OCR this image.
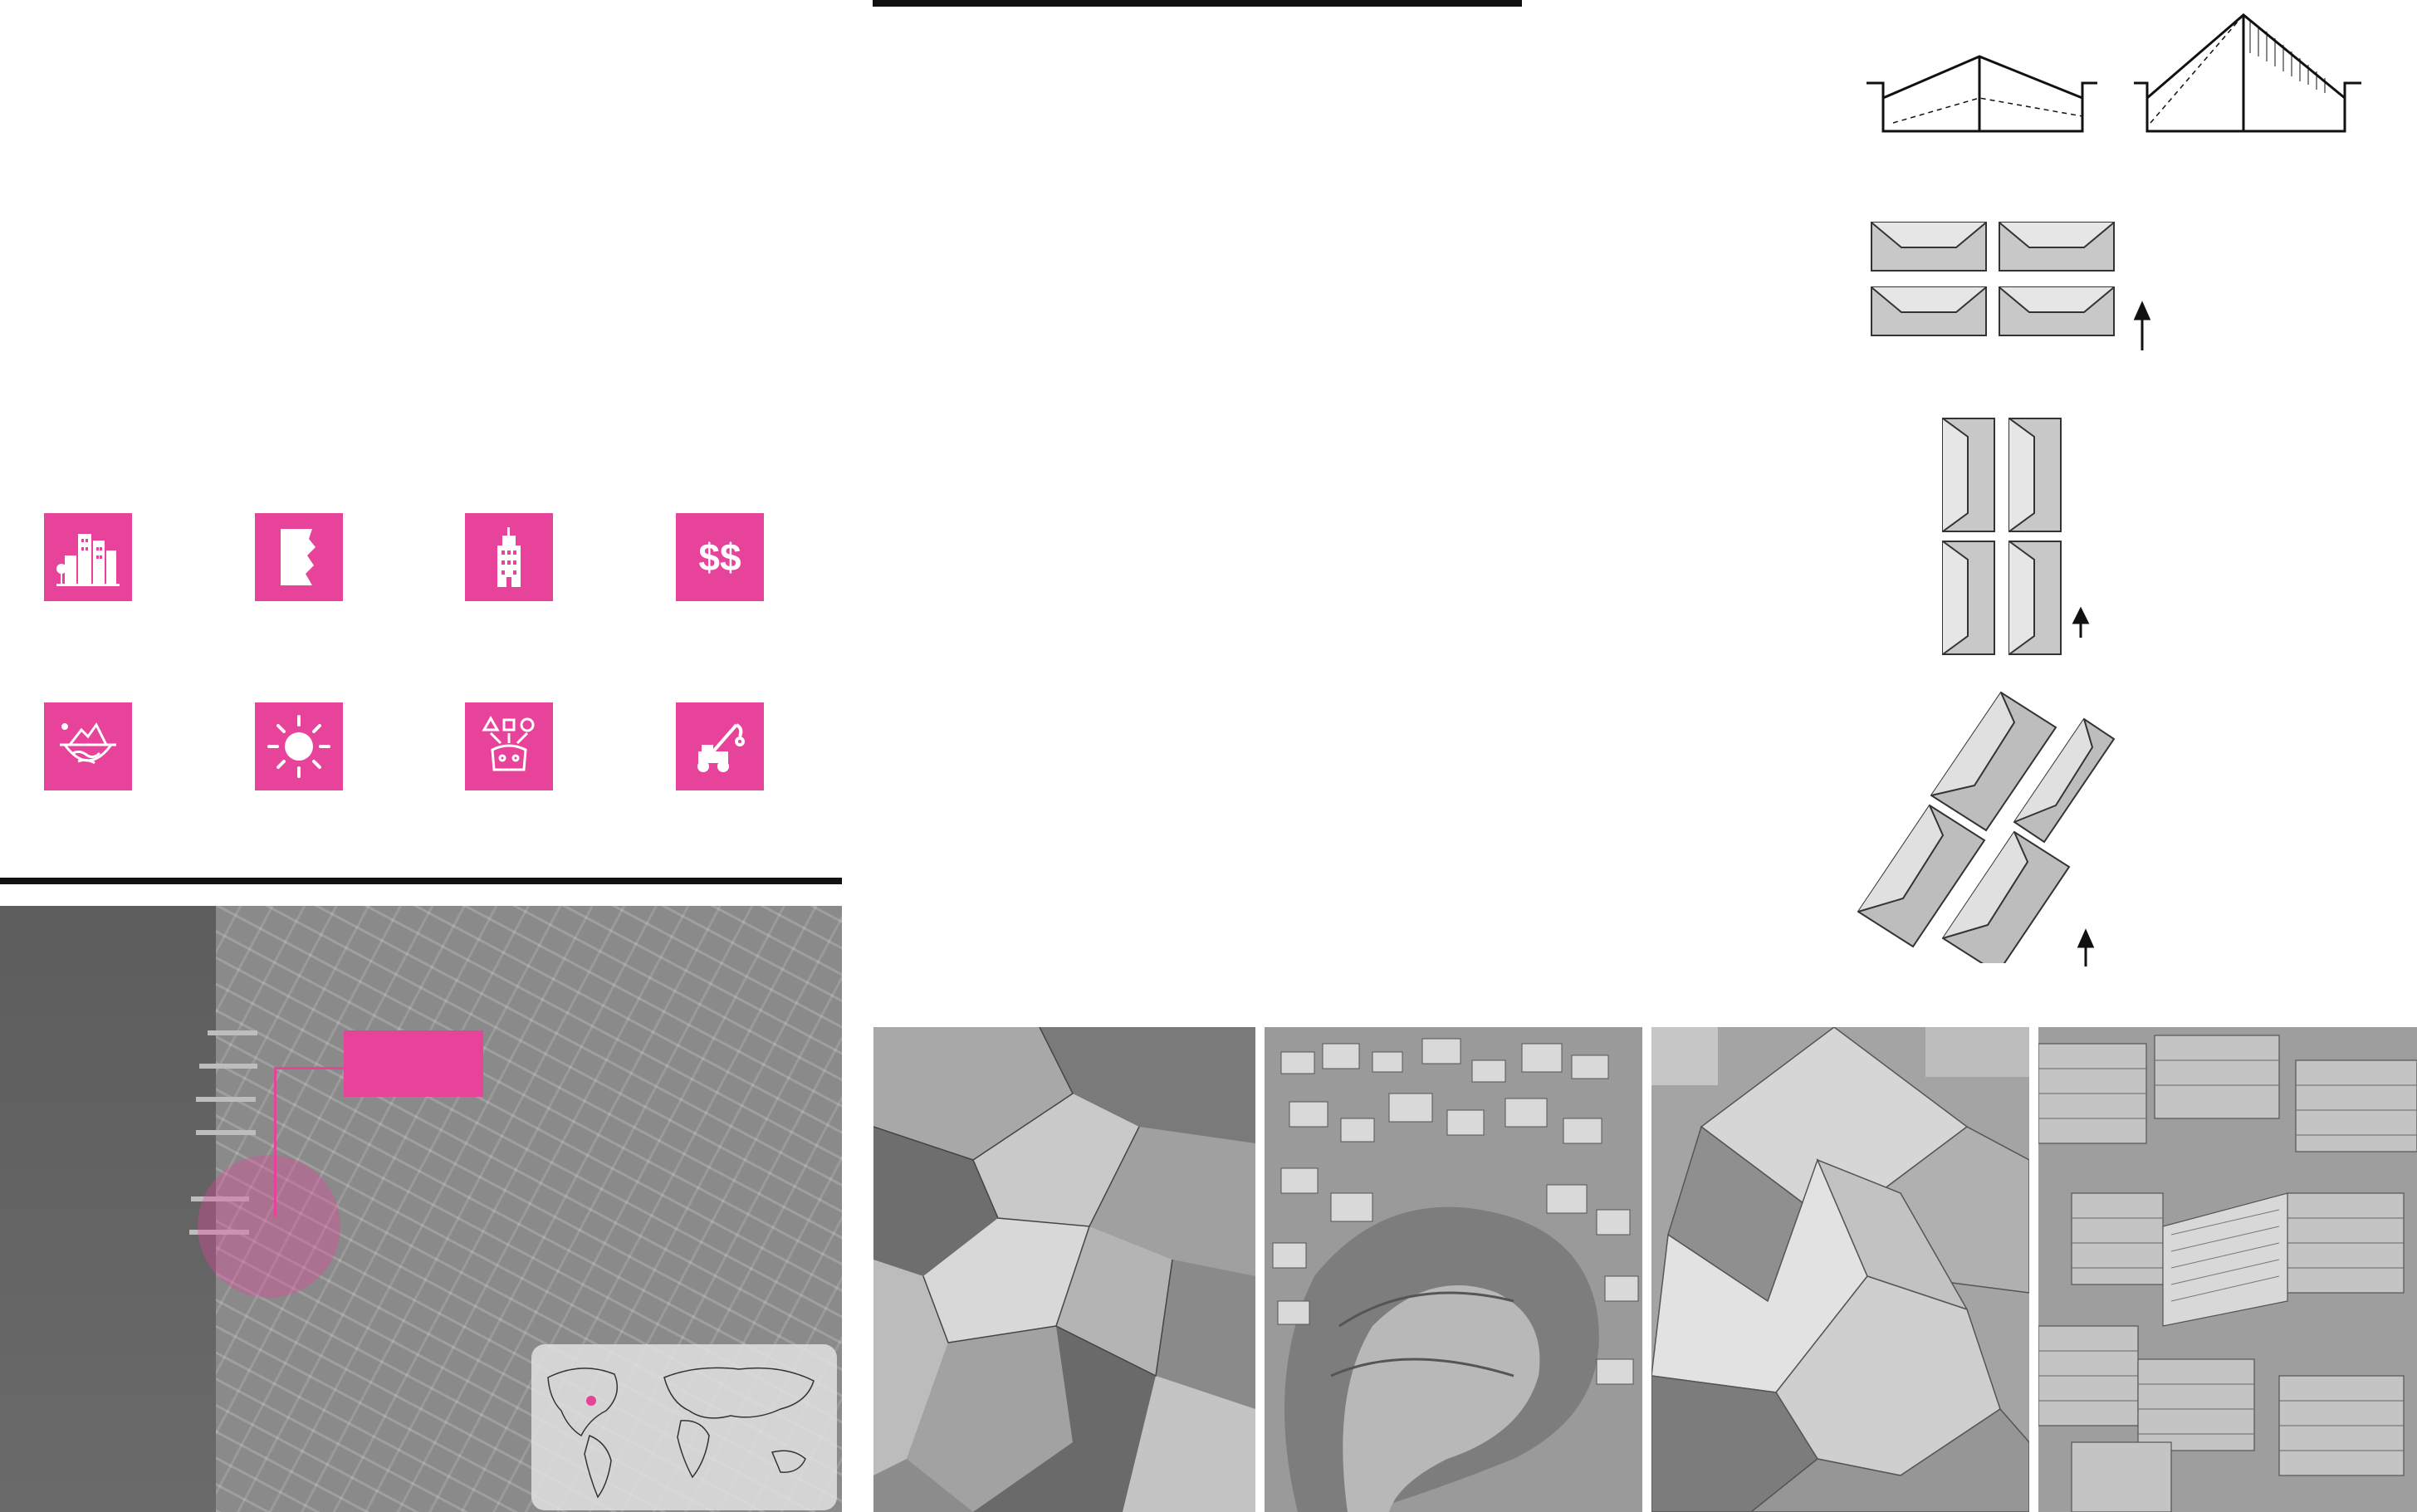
$$
